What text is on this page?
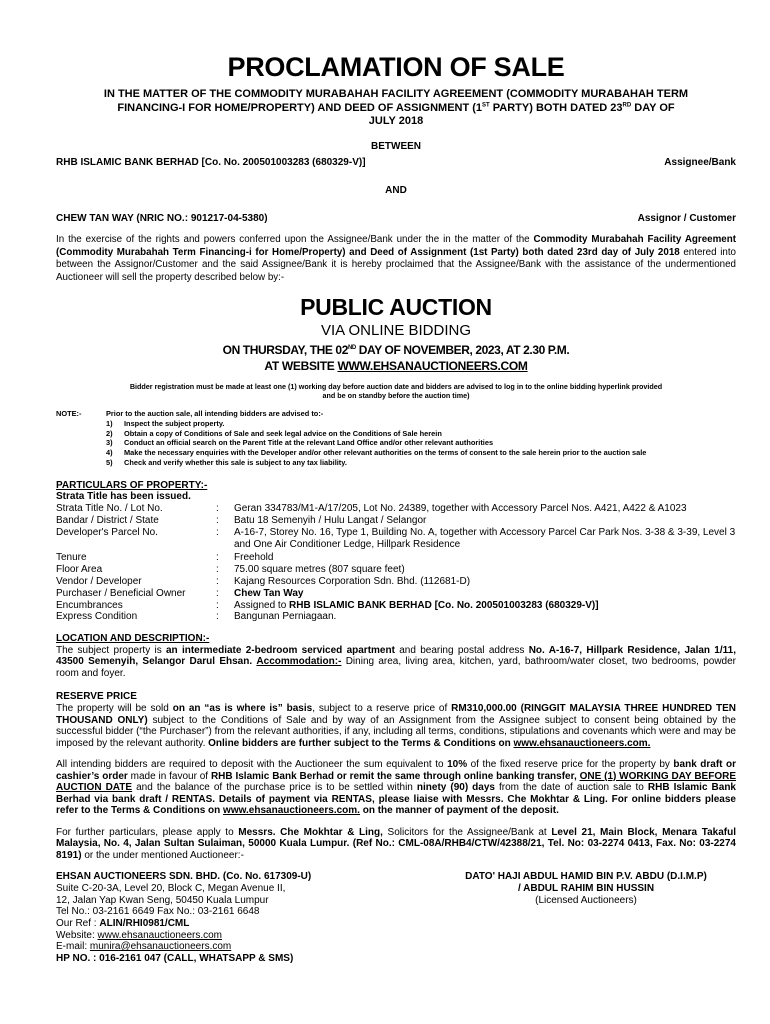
PROCLAMATION OF SALE
IN THE MATTER OF THE COMMODITY MURABAHAH FACILITY AGREEMENT (COMMODITY MURABAHAH TERM
FINANCING-I FOR HOME/PROPERTY) AND DEED OF ASSIGNMENT (1ST PARTY) BOTH DATED 23RD DAY OF
JULY 2018
BETWEEN
RHB ISLAMIC BANK BERHAD [Co. No. 200501003283 (680329-V)]	Assignee/Bank
AND
CHEW TAN WAY (NRIC NO.: 901217-04-5380)	Assignor / Customer
In the exercise of the rights and powers conferred upon the Assignee/Bank under the in the matter of the Commodity Murabahah Facility Agreement (Commodity Murabahah Term Financing-i for Home/Property) and Deed of Assignment (1st Party) both dated 23rd day of July 2018 entered into between the Assignor/Customer and the said Assignee/Bank it is hereby proclaimed that the Assignee/Bank with the assistance of the undermentioned Auctioneer will sell the property described below by:-
PUBLIC AUCTION
VIA ONLINE BIDDING
ON THURSDAY, THE 02ND DAY OF NOVEMBER, 2023, AT 2.30 P.M.
AT WEBSITE WWW.EHSANAUCTIONEERS.COM
Bidder registration must be made at least one (1) working day before auction date and bidders are advised to log in to the online bidding hyperlink provided and be on standby before the auction time)
NOTE:-	Prior to the auction sale, all intending bidders are advised to:-
1)	Inspect the subject property.
2)	Obtain a copy of Conditions of Sale and seek legal advice on the Conditions of Sale herein
3)	Conduct an official search on the Parent Title at the relevant Land Office and/or other relevant authorities
4)	Make the necessary enquiries with the Developer and/or other relevant authorities on the terms of consent to the sale herein prior to the auction sale
5)	Check and verify whether this sale is subject to any tax liability.
PARTICULARS OF PROPERTY:-
Strata Title has been issued.
Strata Title No. / Lot No.	:	Geran 334783/M1-A/17/205, Lot No. 24389, together with Accessory Parcel Nos. A421, A422 & A1023
Bandar / District / State	:	Batu 18 Semenyih / Hulu Langat / Selangor
Developer's Parcel No.	:	A-16-7, Storey No. 16, Type 1, Building No. A, together with Accessory Parcel Car Park Nos. 3-38 & 3-39, Level 3 and One Air Conditioner Ledge, Hillpark Residence
Tenure	:	Freehold
Floor Area	:	75.00 square metres (807 square feet)
Vendor / Developer	:	Kajang Resources Corporation Sdn. Bhd. (112681-D)
Purchaser / Beneficial Owner	:	Chew Tan Way
Encumbrances	:	Assigned to RHB ISLAMIC BANK BERHAD [Co. No. 200501003283 (680329-V)]
Express Condition	:	Bangunan Perniagaan.
LOCATION AND DESCRIPTION:-
The subject property is an intermediate 2-bedroom serviced apartment and bearing postal address No. A-16-7, Hillpark Residence, Jalan 1/11, 43500 Semenyih, Selangor Darul Ehsan. Accommodation:- Dining area, living area, kitchen, yard, bathroom/water closet, two bedrooms, powder room and foyer.
RESERVE PRICE
The property will be sold on an “as is where is” basis, subject to a reserve price of RM310,000.00 (RINGGIT MALAYSIA THREE HUNDRED TEN THOUSAND ONLY) subject to the Conditions of Sale and by way of an Assignment from the Assignee subject to consent being obtained by the successful bidder (“the Purchaser”) from the relevant authorities, if any, including all terms, conditions, stipulations and covenants which were and may be imposed by the relevant authority. Online bidders are further subject to the Terms & Conditions on www.ehsanauctioneers.com.
All intending bidders are required to deposit with the Auctioneer the sum equivalent to 10% of the fixed reserve price for the property by bank draft or cashier’s order made in favour of RHB Islamic Bank Berhad or remit the same through online banking transfer, ONE (1) WORKING DAY BEFORE AUCTION DATE and the balance of the purchase price is to be settled within ninety (90) days from the date of auction sale to RHB Islamic Bank Berhad via bank draft / RENTAS. Details of payment via RENTAS, please liaise with Messrs. Che Mokhtar & Ling. For online bidders please refer to the Terms & Conditions on www.ehsanauctioneers.com. on the manner of payment of the deposit.
For further particulars, please apply to Messrs. Che Mokhtar & Ling, Solicitors for the Assignee/Bank at Level 21, Main Block, Menara Takaful Malaysia, No. 4, Jalan Sultan Sulaiman, 50000 Kuala Lumpur. (Ref No.: CML-08A/RHB4/CTW/42388/21, Tel. No: 03-2274 0413, Fax. No: 03-2274 8191) or the under mentioned Auctioneer:-
EHSAN AUCTIONEERS SDN. BHD. (Co. No. 617309-U)
Suite C-20-3A, Level 20, Block C, Megan Avenue II,
12, Jalan Yap Kwan Seng, 50450 Kuala Lumpur
Tel No.: 03-2161 6649 Fax No.: 03-2161 6648
Our Ref : ALIN/RHI0981/CML
Website: www.ehsanauctioneers.com
E-mail: munira@ehsanauctioneers.com
HP NO. : 016-2161 047 (CALL, WHATSAPP & SMS)
DATO' HAJI ABDUL HAMID BIN P.V. ABDU (D.I.M.P)
/ ABDUL RAHIM BIN HUSSIN
(Licensed Auctioneers)
